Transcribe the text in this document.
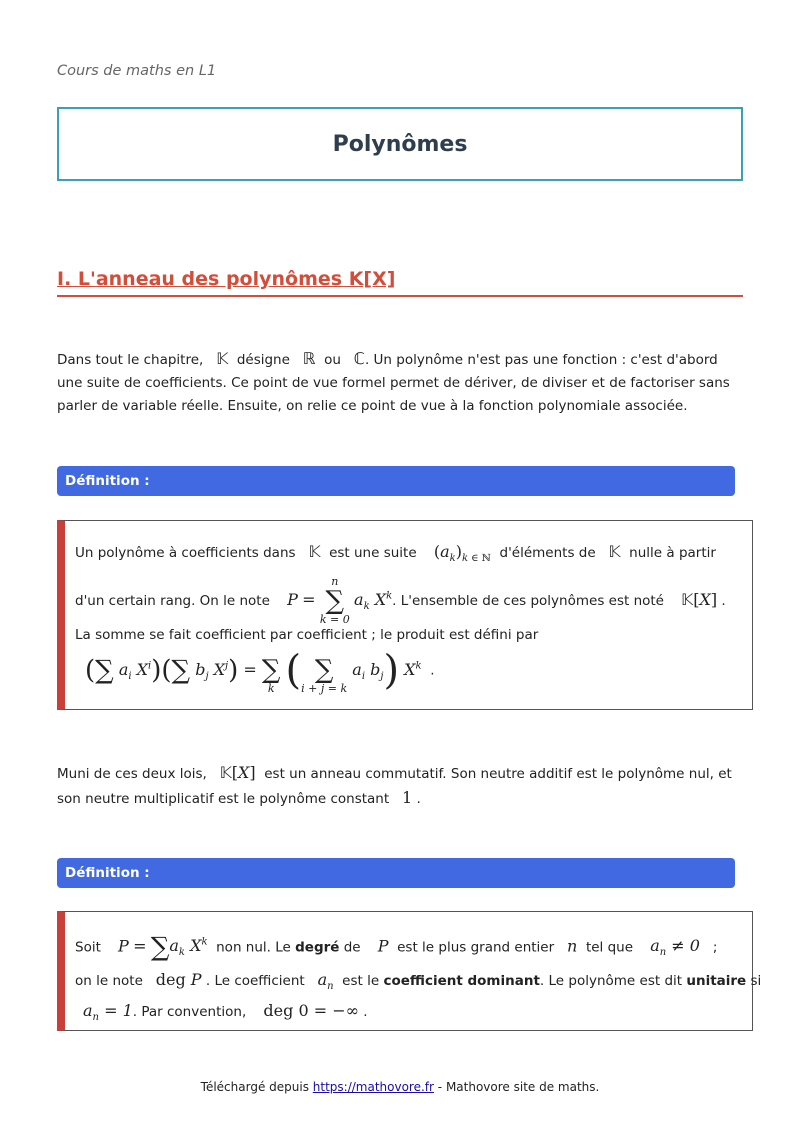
Cours de maths en L1
Polynômes
I. L'anneau des polynômes K[X]
Dans tout le chapitre, 𝕂 désigne ℝ ou ℂ. Un polynôme n'est pas une fonction : c'est d'abord une suite de coefficients. Ce point de vue formel permet de dériver, de diviser et de factoriser sans parler de variable réelle. Ensuite, on relie ce point de vue à la fonction polynomiale associée.
Définition :
Un polynôme à coefficients dans 𝕂 est une suite $(a_k)_{k \in ℕ}$ d'éléments de 𝕂 nulle à partir
d'un certain rang. On le note P =
n
∑
k = 0
$a_k$ $X^k$. L'ensemble de ces polynômes est noté 𝕂[X] .
La somme se fait coefficient par coefficient ; le produit est défini par
(∑ $a_i$ $X^i)(\sum$ $b_j$ $X^j$) =
∑
k (
∑
i + j = k
$a_i$ $b_j$) $X^k$ .
Muni de ces deux lois, 𝕂[X] est un anneau commutatif. Son neutre additif est le polynôme nul, et son neutre multiplicatif est le polynôme constant 1 .
Définition :
Soit $P = \sum a_k$ $X^k$ non nul. Le degré de P est le plus grand entier n tel que $a_n \ne 0$ ;
on le note deg P . Le coefficient $a_n$ est le coefficient dominant. Le polynôme est dit unitaire si
$a_n = 1$. Par convention, deg 0 = −∞ .
Téléchargé depuis https://mathovore.fr - Mathovore site de maths.
